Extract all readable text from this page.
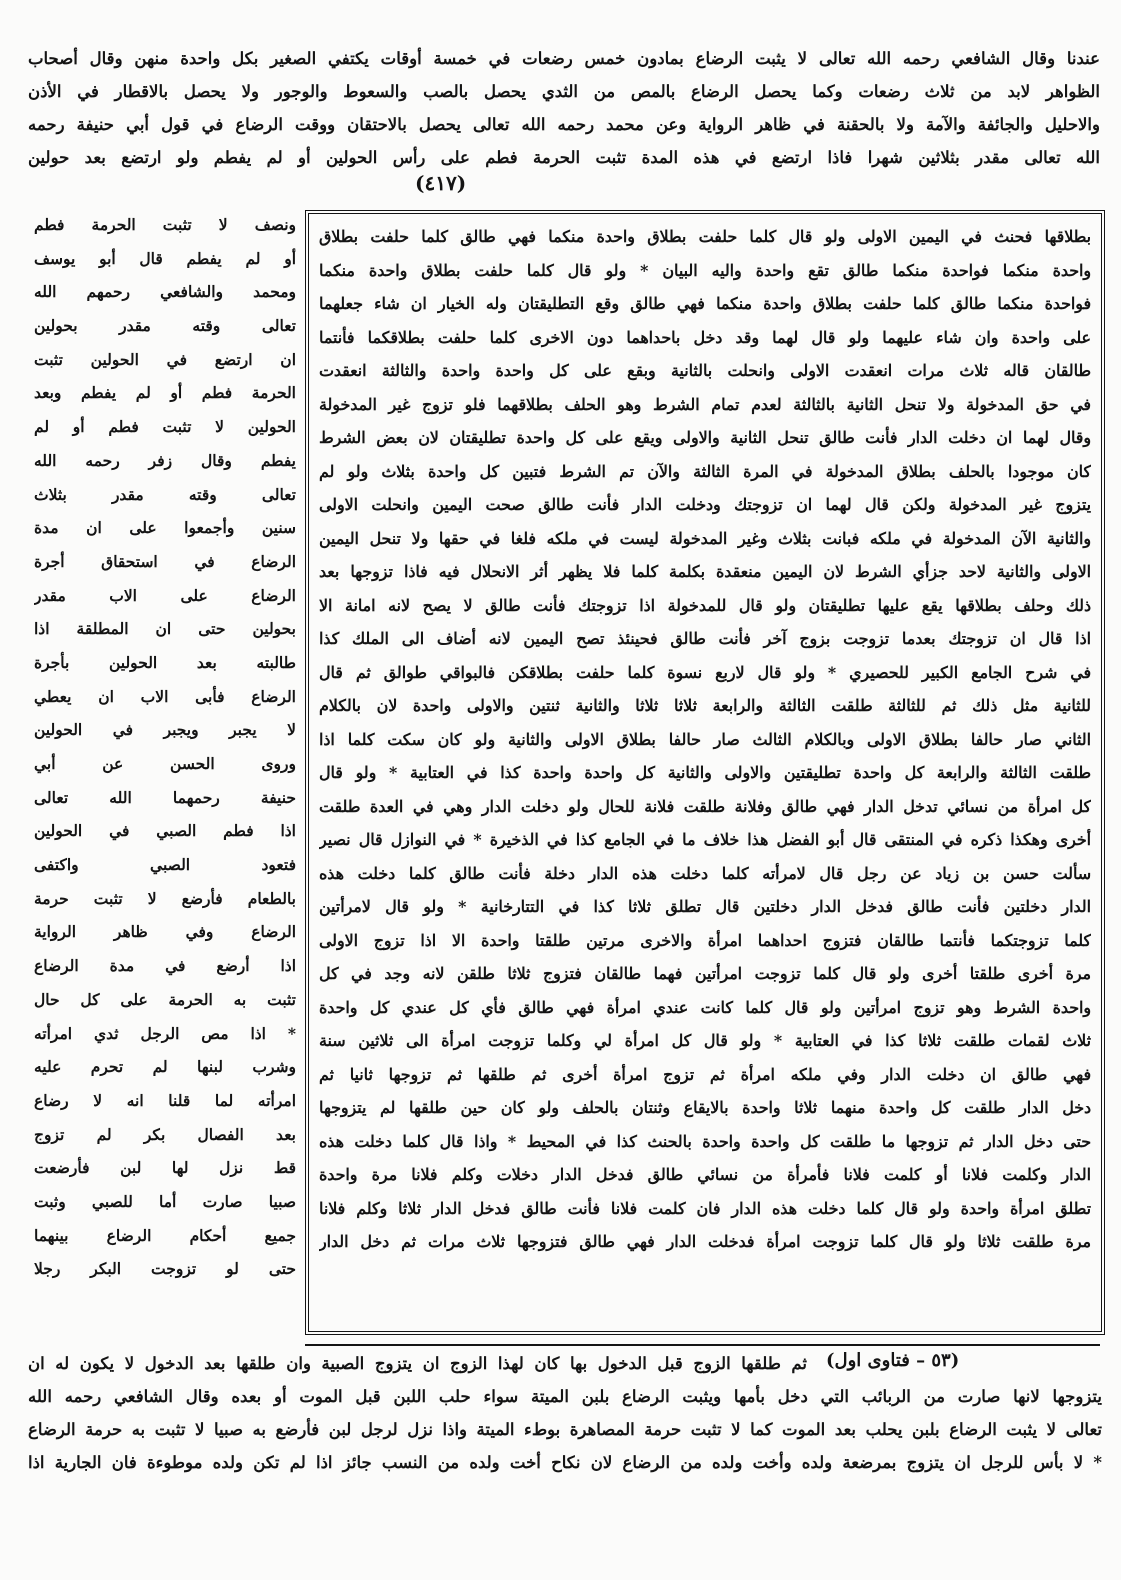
عندنا وقال الشافعي رحمه الله تعالى لا يثبت الرضاع بمادون خمس رضعات في خمسة أوقات يكتفي الصغير بكل واحدة منهن وقال أصحاب
الظواهر لابد من ثلاث رضعات وكما يحصل الرضاع بالمص من الثدي يحصل بالصب والسعوط والوجور ولا يحصل بالاقطار في الأذن
والاحليل والجائفة والآمة ولا بالحقنة في ظاهر الرواية وعن محمد رحمه الله تعالى يحصل بالاحتقان ووقت الرضاع في قول أبي حنيفة رحمه
الله تعالى مقدر بثلاثين شهرا فاذا ارتضع في هذه المدة تثبت الحرمة فطم على رأس الحولين أو لم يفطم ولو ارتضع بعد حولين
(٤١٧)
بطلاقها فحنث في اليمين الاولى ولو قال كلما حلفت بطلاق واحدة منكما فهي طالق كلما حلفت بطلاق
واحدة منكما فواحدة منكما طالق تقع واحدة واليه البيان * ولو قال كلما حلفت بطلاق واحدة منكما
فواحدة منكما طالق كلما حلفت بطلاق واحدة منكما فهي طالق وقع التطليقتان وله الخيار ان شاء جعلهما
على واحدة وان شاء عليهما ولو قال لهما وقد دخل باحداهما دون الاخرى كلما حلفت بطلاقكما فأنتما
طالقان قاله ثلاث مرات انعقدت الاولى وانحلت بالثانية وبقع على كل واحدة واحدة والثالثة انعقدت
في حق المدخولة ولا تنحل الثانية بالثالثة لعدم تمام الشرط وهو الحلف بطلاقهما فلو تزوج غير المدخولة
وقال لهما ان دخلت الدار فأنت طالق تنحل الثانية والاولى ويقع على كل واحدة تطليقتان لان بعض الشرط
كان موجودا بالحلف بطلاق المدخولة في المرة الثالثة والآن تم الشرط فتبين كل واحدة بثلاث ولو لم
يتزوج غير المدخولة ولكن قال لهما ان تزوجتك ودخلت الدار فأنت طالق صحت اليمين وانحلت الاولى
والثانية الآن المدخولة في ملكه فبانت بثلاث وغير المدخولة ليست في ملكه فلغا في حقها ولا تنحل اليمين
الاولى والثانية لاحد جزأي الشرط لان اليمين منعقدة بكلمة كلما فلا يظهر أثر الانحلال فيه فاذا تزوجها بعد
ذلك وحلف بطلاقها يقع عليها تطليقتان ولو قال للمدخولة اذا تزوجتك فأنت طالق لا يصح لانه امانة الا
اذا قال ان تزوجتك بعدما تزوجت بزوج آخر فأنت طالق فحينئذ تصح اليمين لانه أضاف الى الملك كذا
في شرح الجامع الكبير للحصيري * ولو قال لاربع نسوة كلما حلفت بطلاقكن فالبواقي طوالق ثم قال
للثانية مثل ذلك ثم للثالثة طلقت الثالثة والرابعة ثلاثا ثلاثا والثانية ثنتين والاولى واحدة لان بالكلام
الثاني صار حالفا بطلاق الاولى وبالكلام الثالث صار حالفا بطلاق الاولى والثانية ولو كان سكت كلما اذا
طلقت الثالثة والرابعة كل واحدة تطليقتين والاولى والثانية كل واحدة واحدة كذا في العتابية * ولو قال
كل امرأة من نسائي تدخل الدار فهي طالق وفلانة طلقت فلانة للحال ولو دخلت الدار وهي في العدة طلقت
أخرى وهكذا ذكره في المنتقى قال أبو الفضل هذا خلاف ما في الجامع كذا في الذخيرة * في النوازل قال نصير
سألت حسن بن زياد عن رجل قال لامرأته كلما دخلت هذه الدار دخلة فأنت طالق كلما دخلت هذه
الدار دخلتين فأنت طالق فدخل الدار دخلتين قال تطلق ثلاثا كذا في التتارخانية * ولو قال لامرأتين
كلما تزوجتكما فأنتما طالقان فتزوج احداهما امرأة والاخرى مرتين طلقتا واحدة الا اذا تزوج الاولى
مرة أخرى طلقتا أخرى ولو قال كلما تزوجت امرأتين فهما طالقان فتزوج ثلاثا طلقن لانه وجد في كل
واحدة الشرط وهو تزوج امرأتين ولو قال كلما كانت عندي امرأة فهي طالق فأي كل عندي كل واحدة
ثلاث لقمات طلقت ثلاثا كذا في العتابية * ولو قال كل امرأة لي وكلما تزوجت امرأة الى ثلاثين سنة
فهي طالق ان دخلت الدار وفي ملكه امرأة ثم تزوج امرأة أخرى ثم طلقها ثم تزوجها ثانيا ثم
دخل الدار طلقت كل واحدة منهما ثلاثا واحدة بالايقاع وثنتان بالحلف ولو كان حين طلقها لم يتزوجها
حتى دخل الدار ثم تزوجها ما طلقت كل واحدة واحدة بالحنث كذا في المحيط * واذا قال كلما دخلت هذه
الدار وكلمت فلانا أو كلمت فلانا فأمرأة من نسائي طالق فدخل الدار دخلات وكلم فلانا مرة واحدة
تطلق امرأة واحدة ولو قال كلما دخلت هذه الدار فان كلمت فلانا فأنت طالق فدخل الدار ثلاثا وكلم فلانا
مرة طلقت ثلاثا ولو قال كلما تزوجت امرأة فدخلت الدار فهي طالق فتزوجها ثلاث مرات ثم دخل الدار
ونصف لا تثبت الحرمة فطم
أو لم يفطم قال أبو يوسف
ومحمد والشافعي رحمهم الله
تعالى وقته مقدر بحولين
ان ارتضع في الحولين تثبت
الحرمة فطم أو لم يفطم وبعد
الحولين لا تثبت فطم أو لم
يفطم وقال زفر رحمه الله
تعالى وقته مقدر بثلاث
سنين وأجمعوا على ان مدة
الرضاع في استحقاق أجرة
الرضاع على الاب مقدر
بحولين حتى ان المطلقة اذا
طالبته بعد الحولين بأجرة
الرضاع فأبى الاب ان يعطي
لا يجبر ويجبر في الحولين
وروى الحسن عن أبي
حنيفة رحمهما الله تعالى
اذا فطم الصبي في الحولين
فتعود الصبي واكتفى
بالطعام فأرضع لا تثبت حرمة
الرضاع وفي ظاهر الرواية
اذا أرضع في مدة الرضاع
تثبت به الحرمة على كل حال
* اذا مص الرجل ثدي امرأته
وشرب لبنها لم تحرم عليه
امرأته لما قلنا انه لا رضاع
بعد الفصال بكر لم تزوج
قط نزل لها لبن فأرضعت
صبيا صارت أما للصبي وثبت
جميع أحكام الرضاع بينهما
حتى لو تزوجت البكر رجلا
(٥٣ – فتاوى اول)
ثم طلقها الزوج قبل الدخول بها كان لهذا الزوج ان يتزوج الصبية وان طلقها بعد الدخول لا يكون له ان
يتزوجها لانها صارت من الربائب التي دخل بأمها ويثبت الرضاع بلبن الميتة سواء حلب اللبن قبل الموت أو بعده وقال الشافعي رحمه الله
تعالى لا يثبت الرضاع بلبن يحلب بعد الموت كما لا تثبت حرمة المصاهرة بوطء الميتة واذا نزل لرجل لبن فأرضع به صبيا لا تثبت به حرمة الرضاع
* لا بأس للرجل ان يتزوج بمرضعة ولده وأخت ولده من الرضاع لان نكاح أخت ولده من النسب جائز اذا لم تكن ولده موطوءة فان الجارية اذا
